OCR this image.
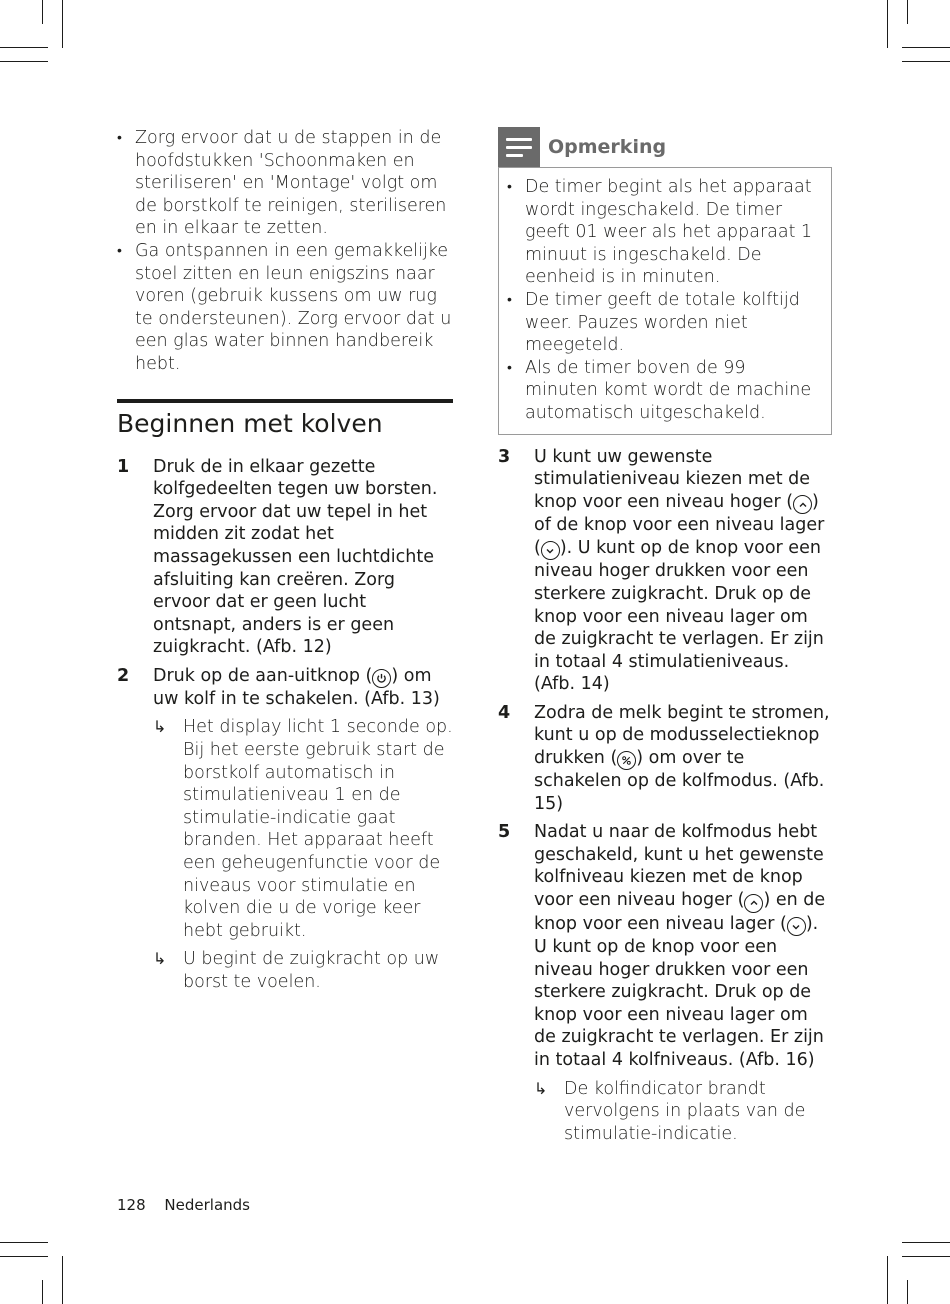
• Zorg ervoor dat u de stappen in de hoofdstukken 'Schoonmaken en steriliseren' en 'Montage' volgt om de borstkolf te reinigen, steriliseren en in elkaar te zetten.
• Ga ontspannen in een gemakkelijke stoel zitten en leun enigszins naar voren (gebruik kussens om uw rug te ondersteunen). Zorg ervoor dat u een glas water binnen handbereik hebt.
Beginnen met kolven
1 Druk de in elkaar gezette kolfgedeelten tegen uw borsten. Zorg ervoor dat uw tepel in het midden zit zodat het massagekussen een luchtdichte afsluiting kan creëren. Zorg ervoor dat er geen lucht ontsnapt, anders is er geen zuigkracht. (Afb. 12)
2 Druk op de aan-uitknop ( ) om uw kolf in te schakelen. (Afb. 13)
↳ Het display licht 1 seconde op. Bij het eerste gebruik start de borstkolf automatisch in stimulatieniveau 1 en de stimulatie-indicatie gaat branden. Het apparaat heeft een geheugenfunctie voor de niveaus voor stimulatie en kolven die u de vorige keer hebt gebruikt.
↳ U begint de zuigkracht op uw borst te voelen.
Opmerking
• De timer begint als het apparaat wordt ingeschakeld. De timer geeft 01 weer als het apparaat 1 minuut is ingeschakeld. De eenheid is in minuten.
• De timer geeft de totale kolftijd weer. Pauzes worden niet meegeteld.
• Als de timer boven de 99 minuten komt wordt de machine automatisch uitgeschakeld.
3 U kunt uw gewenste stimulatieniveau kiezen met de knop voor een niveau hoger ( ) of de knop voor een niveau lager ( ). U kunt op de knop voor een niveau hoger drukken voor een sterkere zuigkracht. Druk op de knop voor een niveau lager om de zuigkracht te verlagen. Er zijn in totaal 4 stimulatieniveaus. (Afb. 14)
4 Zodra de melk begint te stromen, kunt u op de modusselectieknop drukken ( ) om over te schakelen op de kolfmodus. (Afb. 15)
5 Nadat u naar de kolfmodus hebt geschakeld, kunt u het gewenste kolfniveau kiezen met de knop voor een niveau hoger ( ) en de knop voor een niveau lager ( ). U kunt op de knop voor een niveau hoger drukken voor een sterkere zuigkracht. Druk op de knop voor een niveau lager om de zuigkracht te verlagen. Er zijn in totaal 4 kolfniveaus. (Afb. 16)
↳ De kolfindicator brandt vervolgens in plaats van de stimulatie-indicatie.
128 Nederlands
